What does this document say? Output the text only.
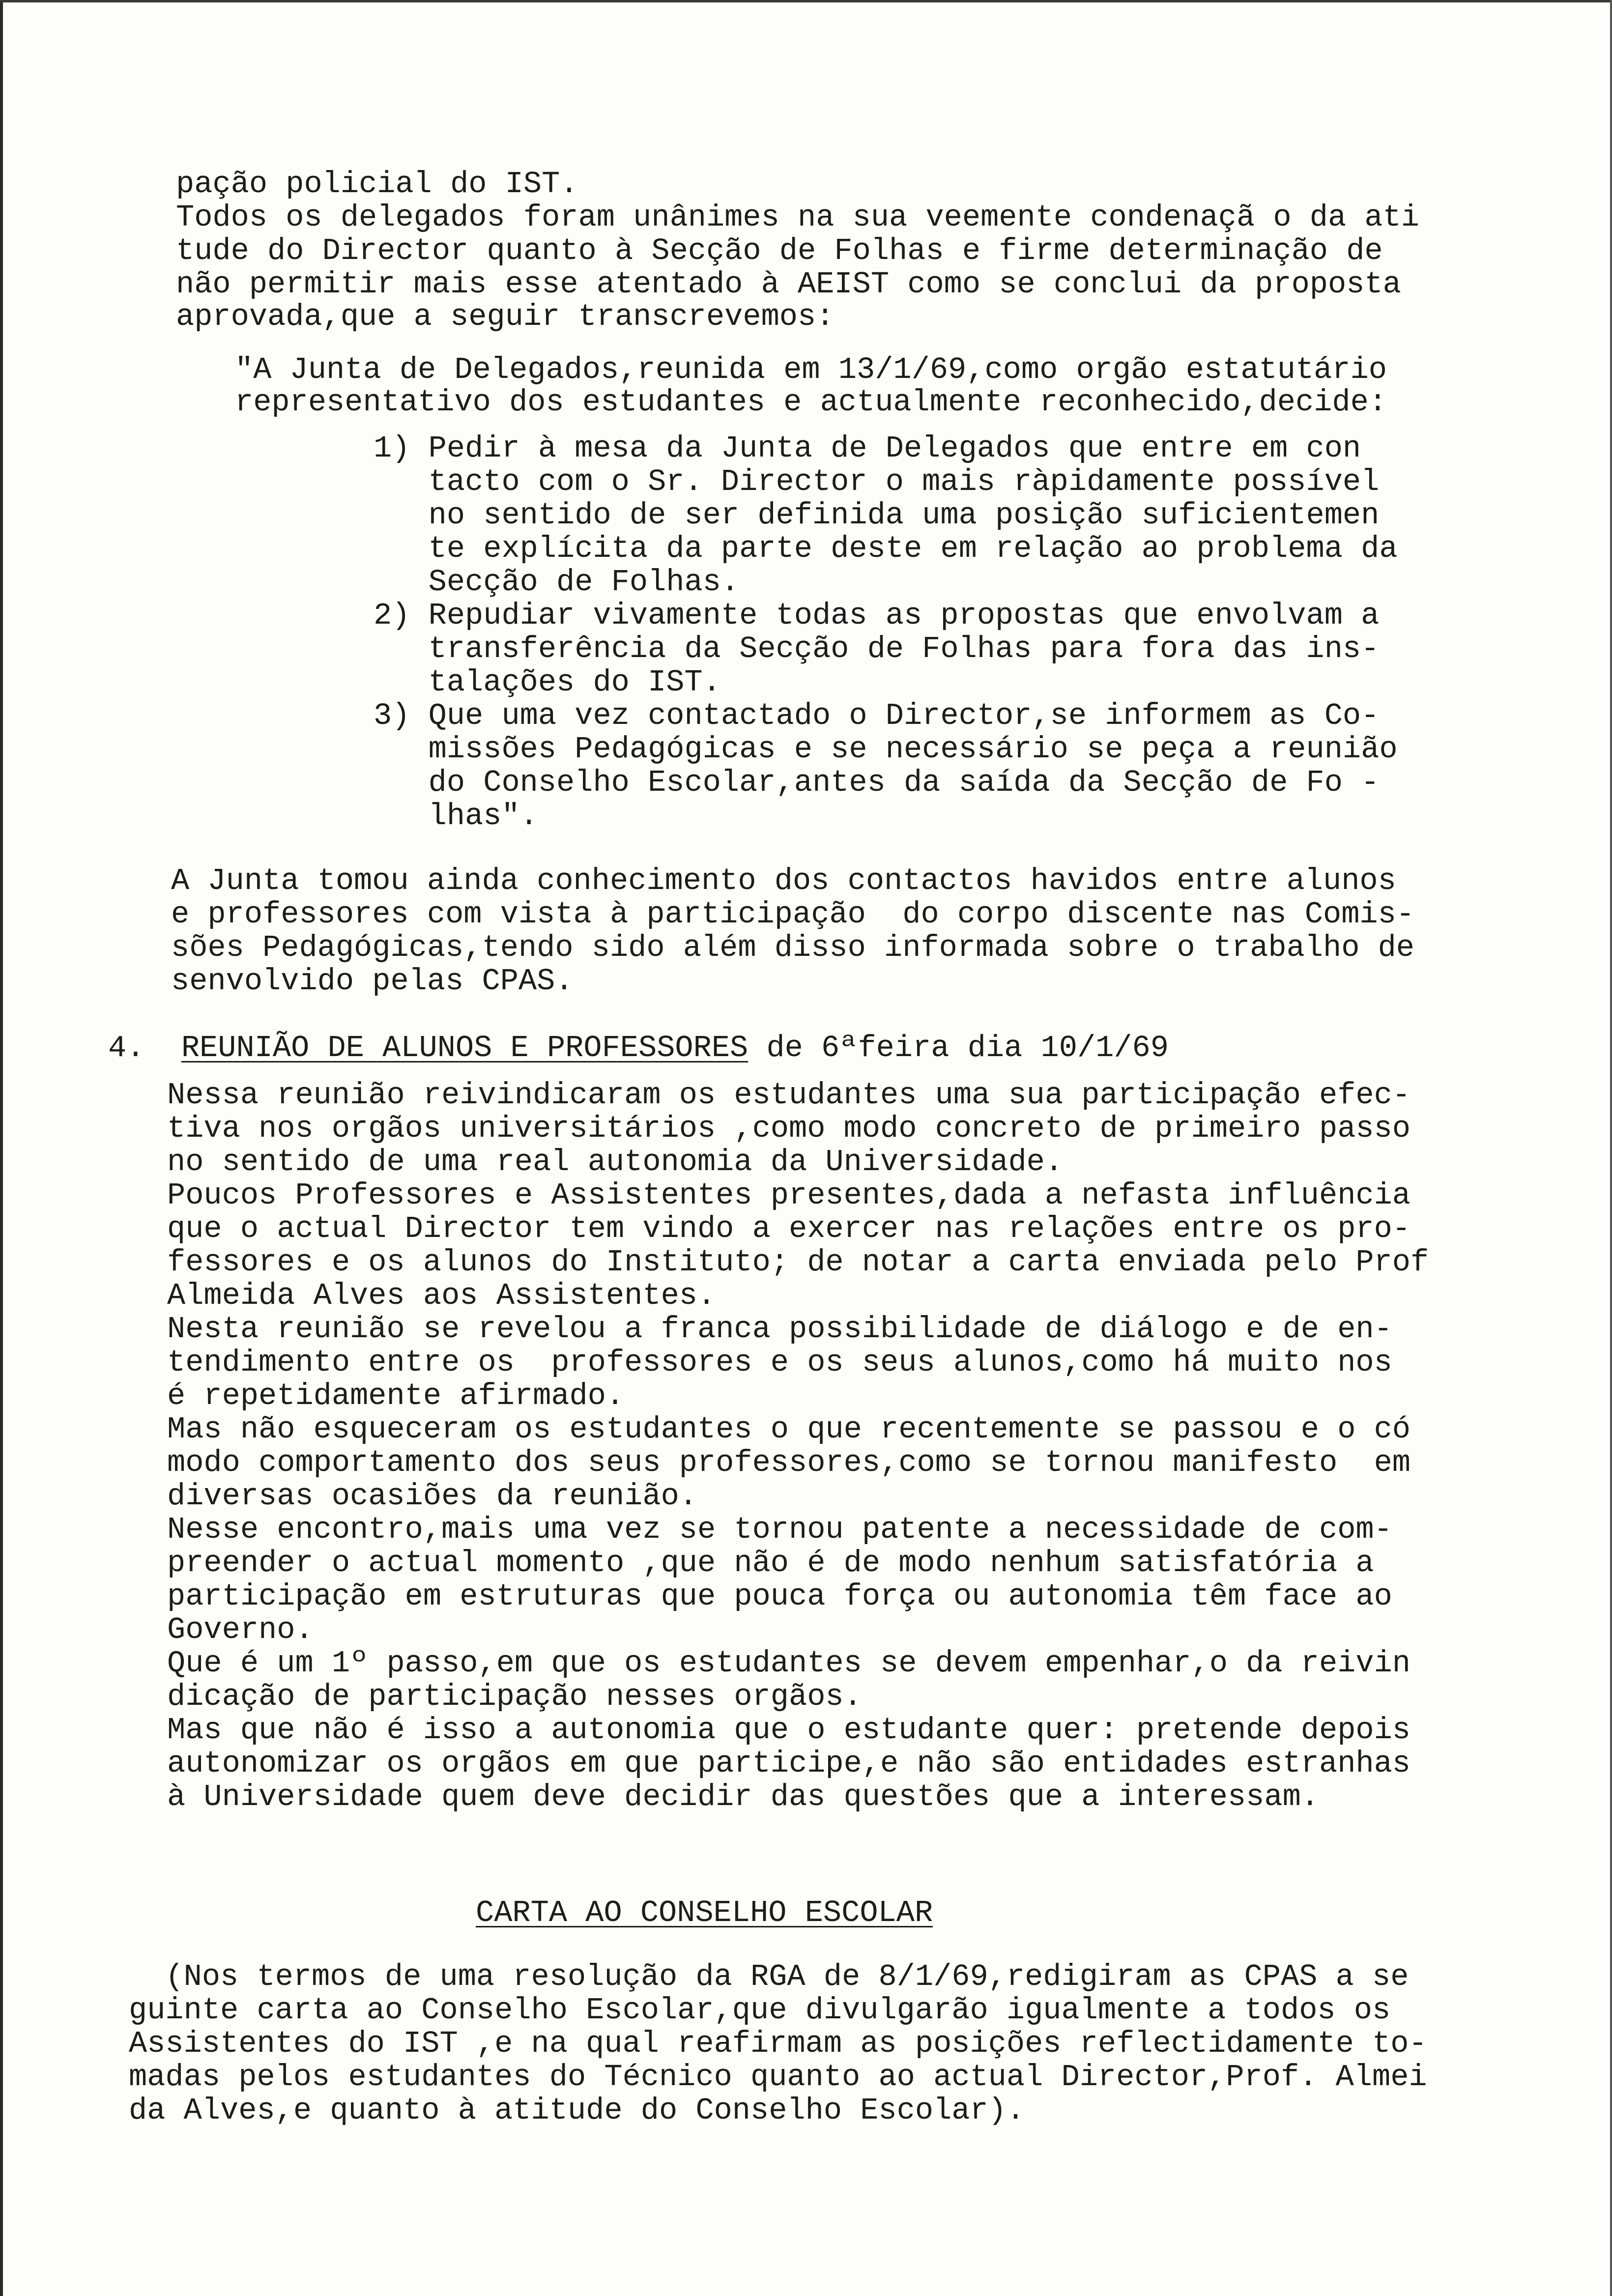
pação policial do IST.

Todos os delegados foram unânimes na sua veemente condenaçã o da ati

tude do Director quanto à Secção de Folhas e firme determinação de

não permitir mais esse atentado à AEIST como se conclui da proposta

aprovada,que a seguir transcrevemos:

"A Junta de Delegados,reunida em 13/1/69,como orgão estatutário

representativo dos estudantes e actualmente reconhecido,decide:

1) Pedir à mesa da Junta de Delegados que entre em con

tacto com o Sr. Director o mais ràpidamente possível

no sentido de ser definida uma posição suficientemen

te explícita da parte deste em relação ao problema da

Secção de Folhas.

2) Repudiar vivamente todas as propostas que envolvam a

transferência da Secção de Folhas para fora das ins-

talações do IST.

3) Que uma vez contactado o Director,se informem as Co-

missões Pedagógicas e se necessário se peça a reunião

do Conselho Escolar,antes da saída da Secção de Fo -

lhas".

A Junta tomou ainda conhecimento dos contactos havidos entre alunos

e professores com vista à participação  do corpo discente nas Comis-

sões Pedagógicas,tendo sido além disso informada sobre o trabalho de

senvolvido pelas CPAS.

4. REUNIÃO DE ALUNOS E PROFESSORES de 6ªfeira dia 10/1/69

Nessa reunião reivindicaram os estudantes uma sua participação efec-

tiva nos orgãos universitários ,como modo concreto de primeiro passo

no sentido de uma real autonomia da Universidade.

Poucos Professores e Assistentes presentes,dada a nefasta influência

que o actual Director tem vindo a exercer nas relações entre os pro-

fessores e os alunos do Instituto; de notar a carta enviada pelo Prof

Almeida Alves aos Assistentes.

Nesta reunião se revelou a franca possibilidade de diálogo e de en-

tendimento entre os  professores e os seus alunos,como há muito nos

é repetidamente afirmado.

Mas não esqueceram os estudantes o que recentemente se passou e o có

modo comportamento dos seus professores,como se tornou manifesto  em

diversas ocasiões da reunião.

Nesse encontro,mais uma vez se tornou patente a necessidade de com-

preender o actual momento ,que não é de modo nenhum satisfatória a

participação em estruturas que pouca força ou autonomia têm face ao

Governo.

Que é um 1º passo,em que os estudantes se devem empenhar,o da reivin

dicação de participação nesses orgãos.

Mas que não é isso a autonomia que o estudante quer: pretende depois

autonomizar os orgãos em que participe,e não são entidades estranhas

à Universidade quem deve decidir das questões que a interessam.

CARTA AO CONSELHO ESCOLAR

(Nos termos de uma resolução da RGA de 8/1/69,redigiram as CPAS a se

guinte carta ao Conselho Escolar,que divulgarão igualmente a todos os

Assistentes do IST ,e na qual reafirmam as posições reflectidamente to-

madas pelos estudantes do Técnico quanto ao actual Director,Prof. Almei

da Alves,e quanto à atitude do Conselho Escolar).
